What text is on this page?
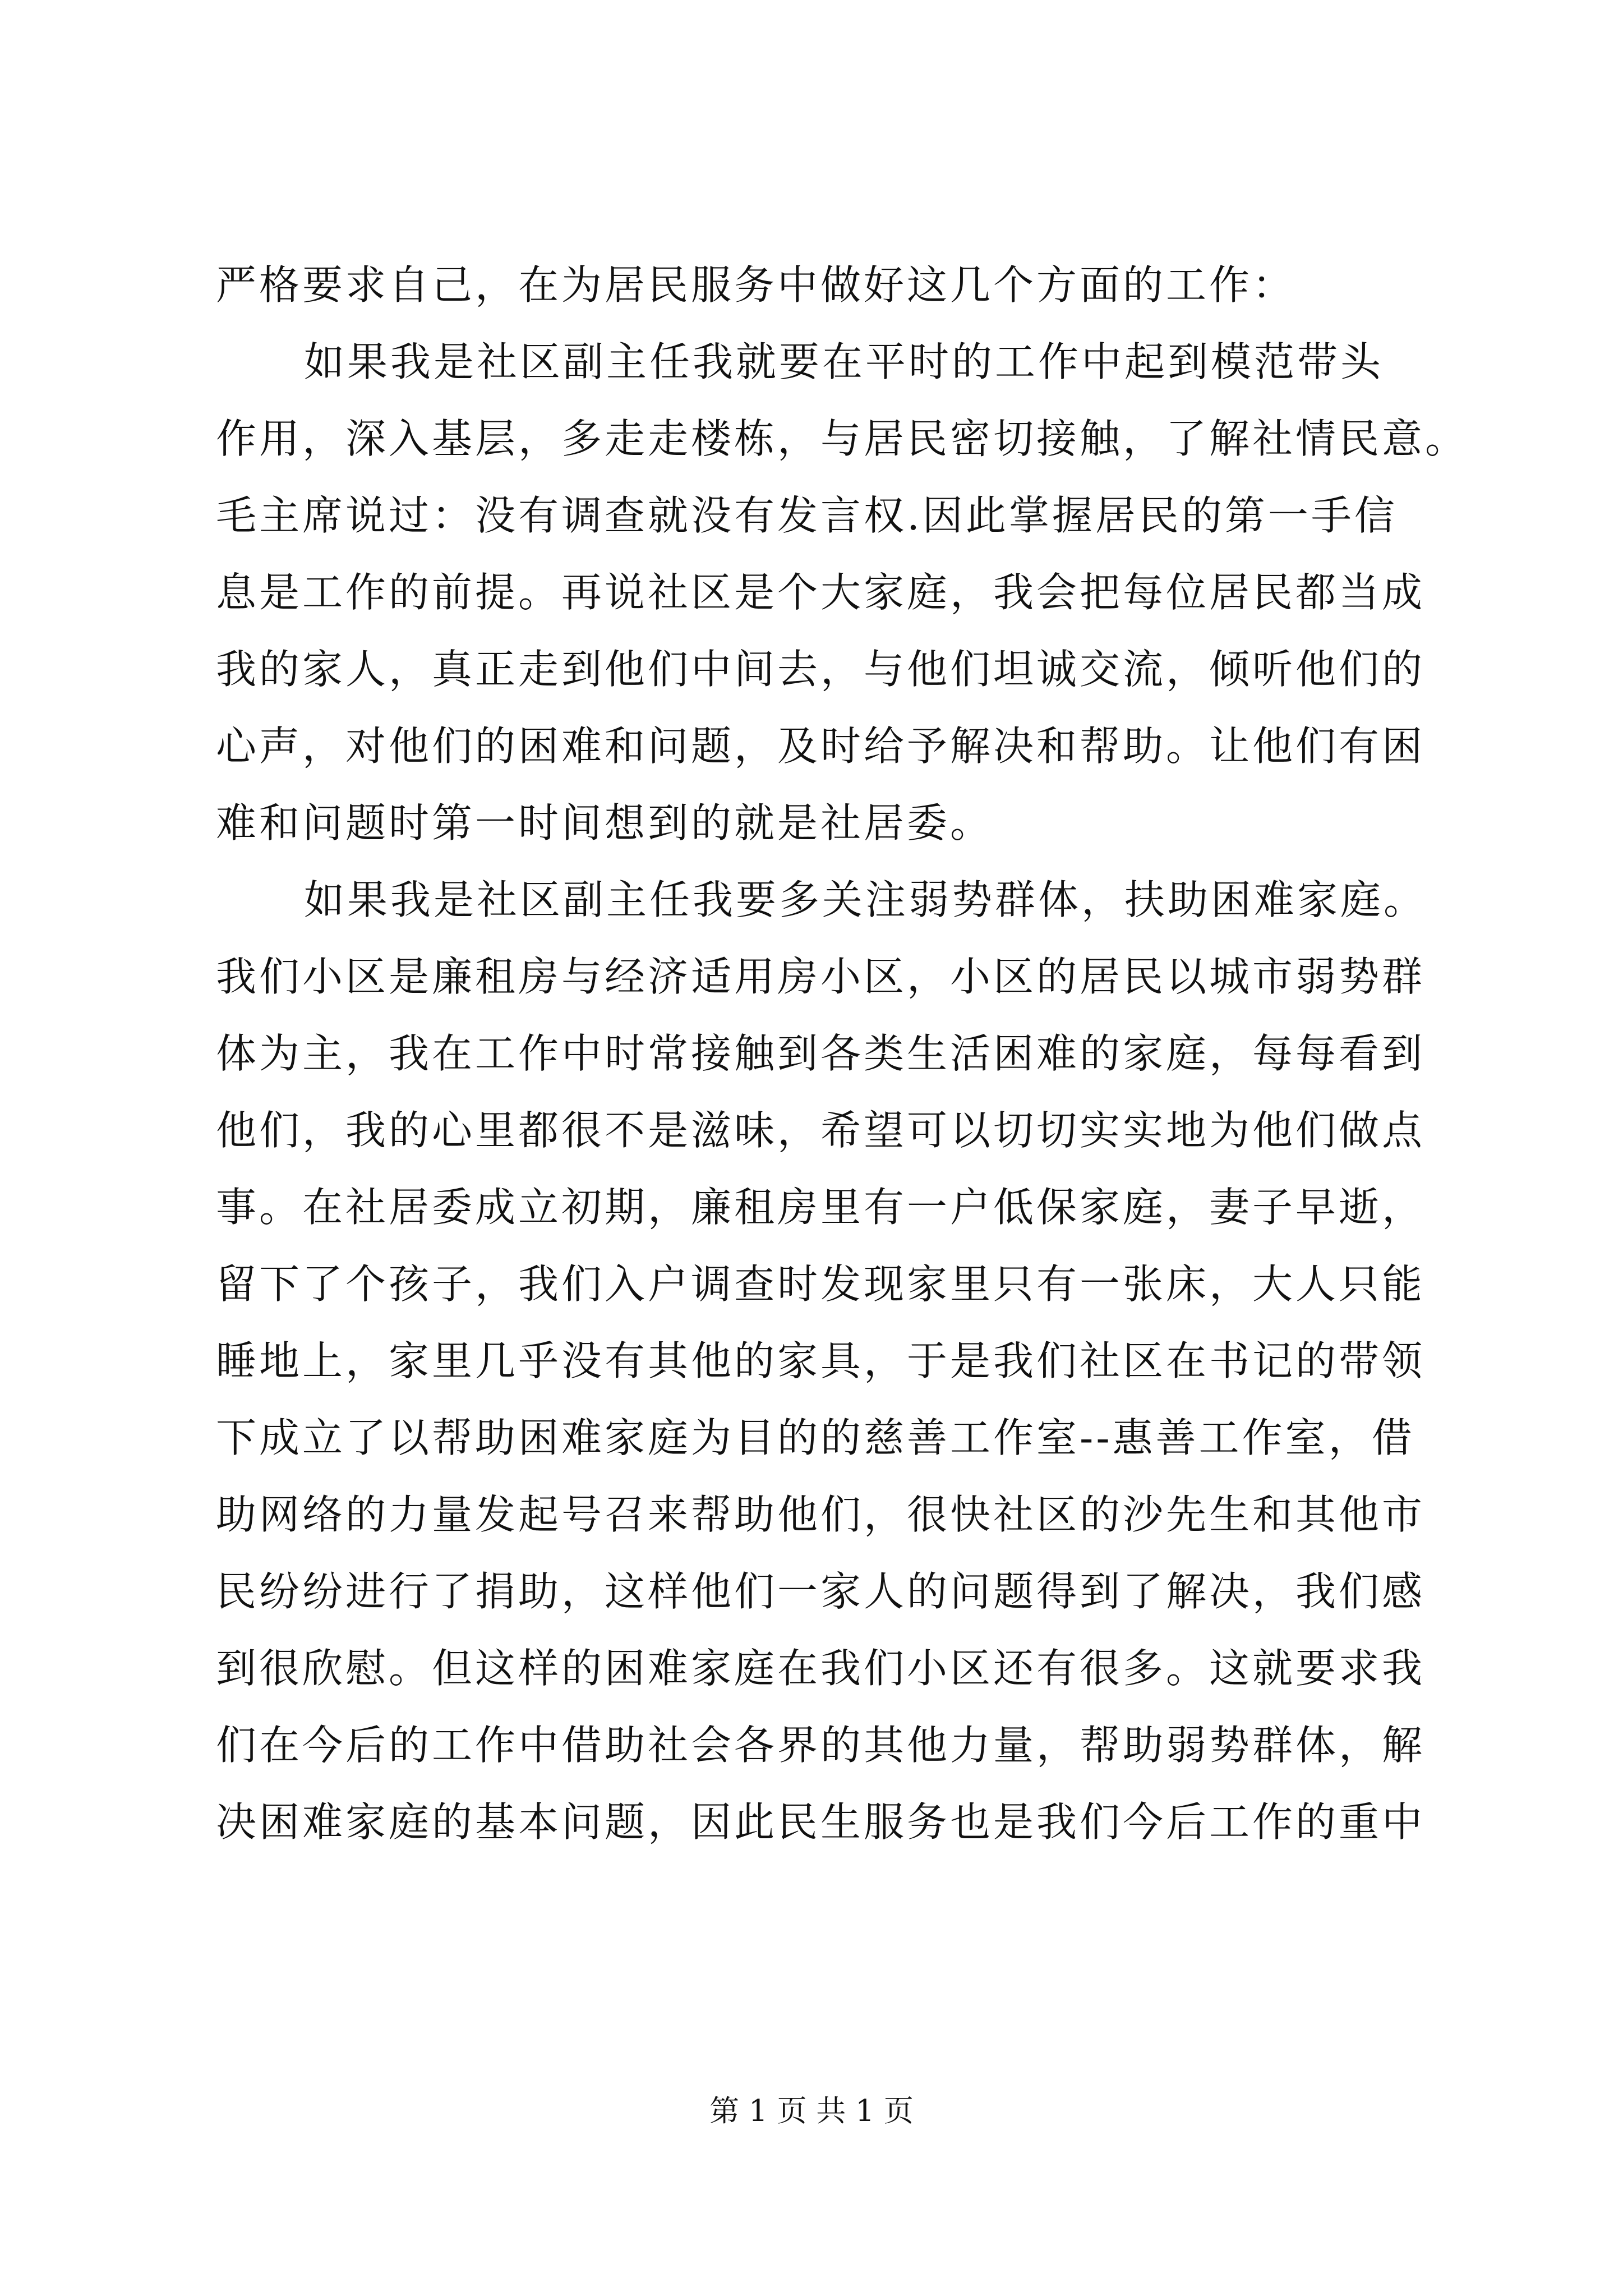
严格要求自己，在为居民服务中做好这几个方面的工作：
如果我是社区副主任我就要在平时的工作中起到模范带头
作用，深入基层，多走走楼栋，与居民密切接触，了解社情民意。
毛主席说过：没有调查就没有发言权.因此掌握居民的第一手信
息是工作的前提。再说社区是个大家庭，我会把每位居民都当成
我的家人，真正走到他们中间去，与他们坦诚交流，倾听他们的
心声，对他们的困难和问题，及时给予解决和帮助。让他们有困
难和问题时第一时间想到的就是社居委。
如果我是社区副主任我要多关注弱势群体，扶助困难家庭。
我们小区是廉租房与经济适用房小区，小区的居民以城市弱势群
体为主，我在工作中时常接触到各类生活困难的家庭，每每看到
他们，我的心里都很不是滋味，希望可以切切实实地为他们做点
事。在社居委成立初期，廉租房里有一户低保家庭，妻子早逝，
留下了个孩子，我们入户调查时发现家里只有一张床，大人只能
睡地上，家里几乎没有其他的家具，于是我们社区在书记的带领
下成立了以帮助困难家庭为目的的慈善工作室--惠善工作室，借
助网络的力量发起号召来帮助他们，很快社区的沙先生和其他市
民纷纷进行了捐助，这样他们一家人的问题得到了解决，我们感
到很欣慰。但这样的困难家庭在我们小区还有很多。这就要求我
们在今后的工作中借助社会各界的其他力量，帮助弱势群体，解
决困难家庭的基本问题，因此民生服务也是我们今后工作的重中
第 1 页 共 1 页
